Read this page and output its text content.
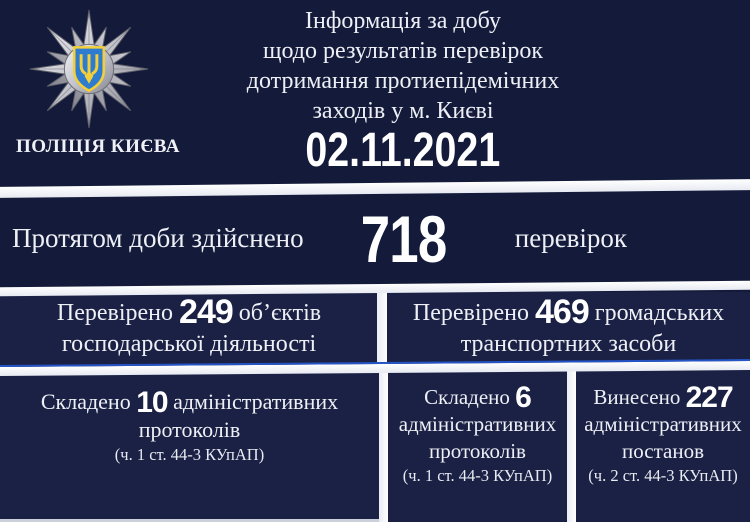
ПОЛІЦІЯ КИЄВА
Інформація за добу
щодо результатів перевірок
дотримання протиепідемічних
заходів у м. Києві
02.11.2021
Протягом доби здійснено 718	перевірок
Перевірено 249 об’єктів господарської діяльності
Перевірено 469 громадських транспортних засоби
Складено 10 адміністративних протоколів
(ч. 1 ст. 44-3 КУпАП)
Складено 6 адміністративних протоколів
(ч. 1 ст. 44-3 КУпАП)
Винесено 227 адміністративних постанов
(ч. 2 ст. 44-3 КУпАП)
